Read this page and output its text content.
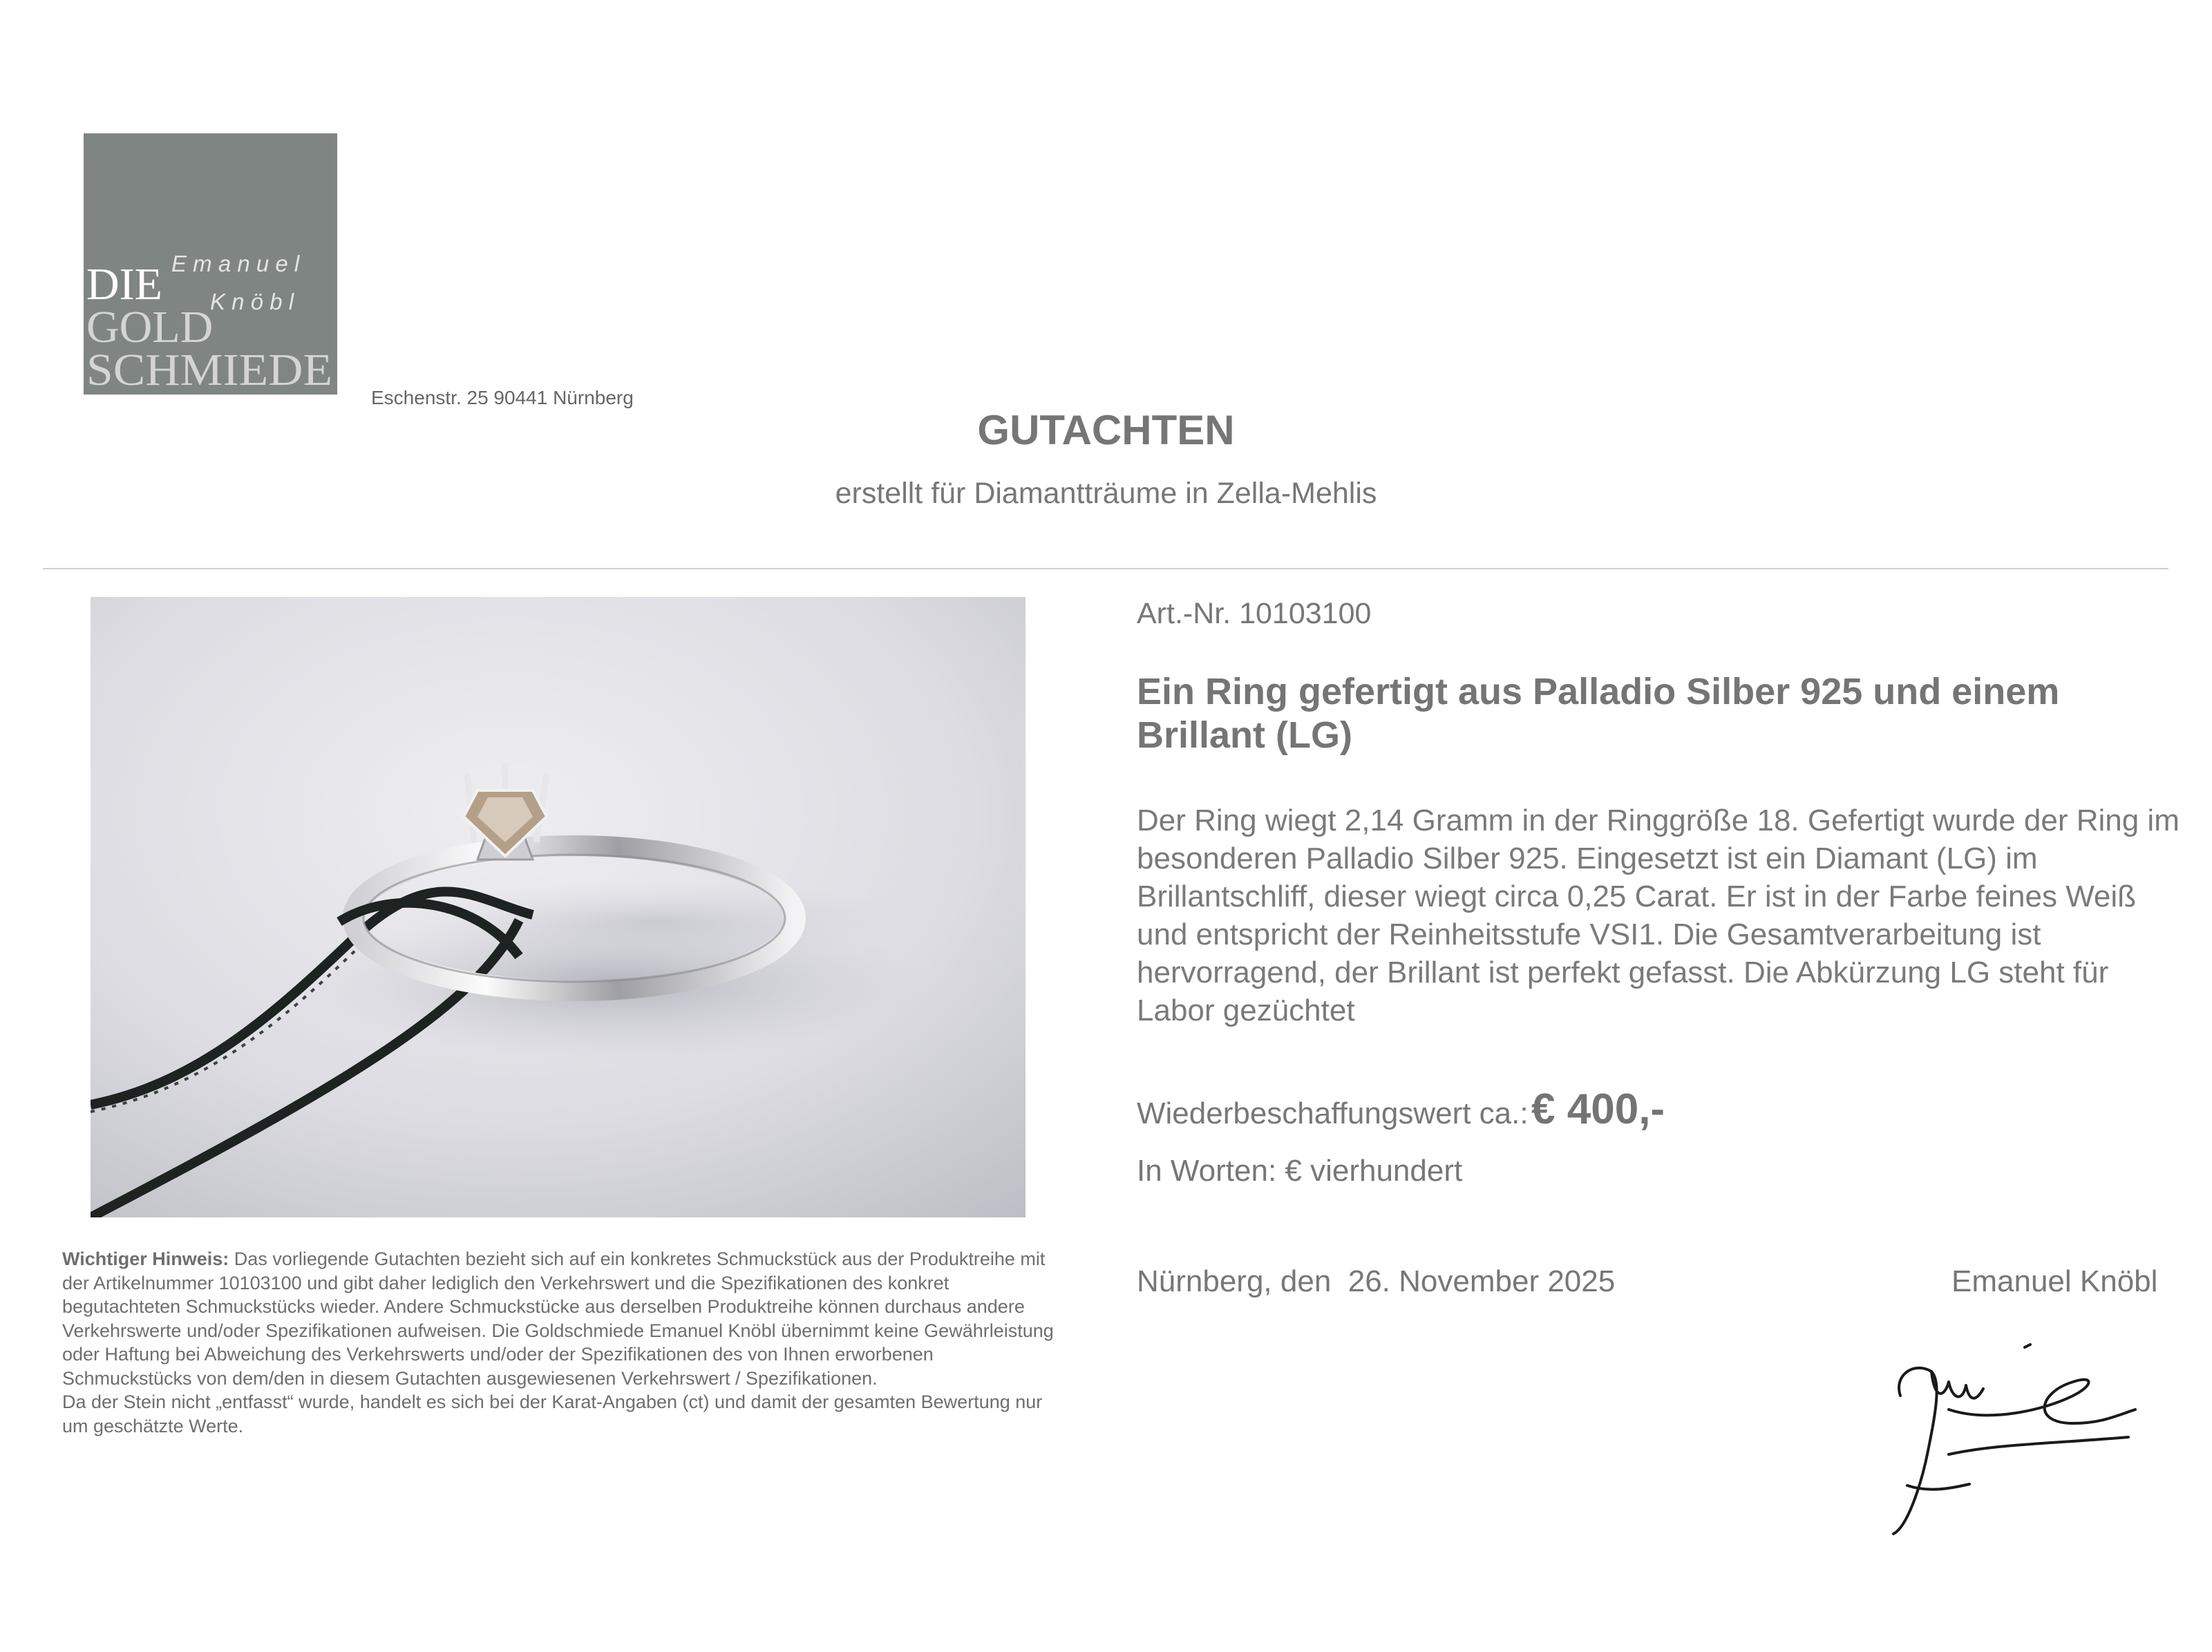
E m a n u e l
K n ö b l
DIE
GOLD
SCHMIEDE
Eschenstr. 25 90441 Nürnberg
GUTACHTEN
erstellt für Diamantträume in Zella-Mehlis
Art.-Nr. 10103100
Ein Ring gefertigt aus Palladio Silber 925 und einem Brillant (LG)
Der Ring wiegt 2,14 Gramm in der Ringgröße 18. Gefertigt wurde der Ring im besonderen Palladio Silber 925. Eingesetzt ist ein Diamant (LG) im Brillantschliff, dieser wiegt circa 0,25 Carat. Er ist in der Farbe feines Weiß und entspricht der Reinheitsstufe VSI1. Die Gesamtverarbeitung ist hervorragend, der Brillant ist perfekt gefasst. Die Abkürzung LG steht für Labor gezüchtet
Wiederbeschaffungswert ca.: € 400,-
In Worten: € vierhundert
Nürnberg, den  26. November 2025	Emanuel Knöbl
Wichtiger Hinweis: Das vorliegende Gutachten bezieht sich auf ein konkretes Schmuckstück aus der Produktreihe mit der Artikelnummer 10103100 und gibt daher lediglich den Verkehrswert und die Spezifikationen des konkret begutachteten Schmuckstücks wieder. Andere Schmuckstücke aus derselben Produktreihe können durchaus andere Verkehrswerte und/oder Spezifikationen aufweisen. Die Goldschmiede Emanuel Knöbl übernimmt keine Gewährleistung oder Haftung bei Abweichung des Verkehrswerts und/oder der Spezifikationen des von Ihnen erworbenen Schmuckstücks von dem/den in diesem Gutachten ausgewiesenen Verkehrswert / Spezifikationen.
Da der Stein nicht „entfasst“ wurde, handelt es sich bei der Karat-Angaben (ct) und damit der gesamten Bewertung nur um geschätzte Werte.
